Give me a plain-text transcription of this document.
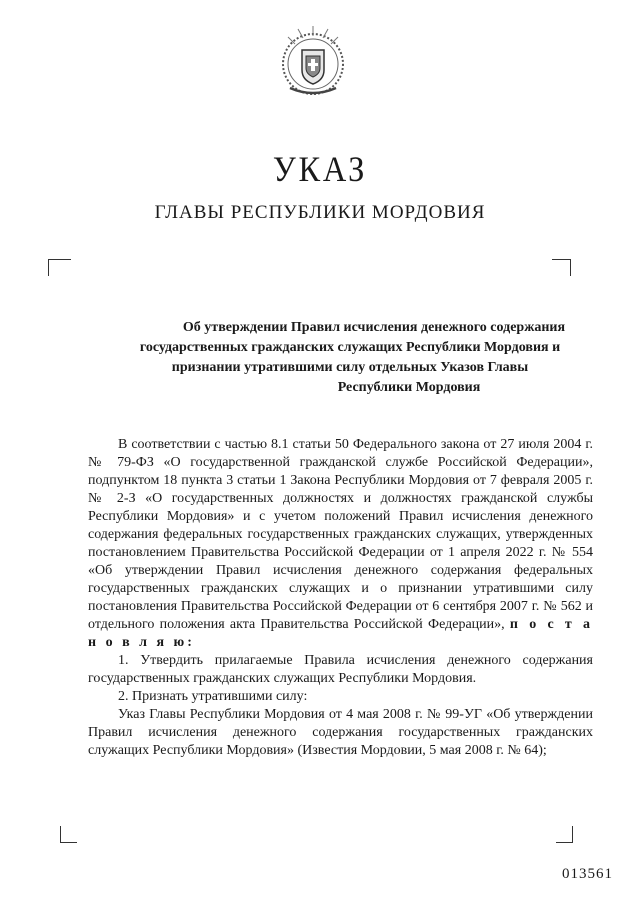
УКАЗ
ГЛАВЫ РЕСПУБЛИКИ МОРДОВИЯ
Об утверждении Правил исчисления денежного содержания
государственных гражданских служащих Республики Мордовия и
признании утратившими силу отдельных Указов Главы
Республики Мордовия

В соответствии с частью 8.1 статьи 50 Федерального закона от 27 июля 2004 г. № 79-ФЗ «О государственной гражданской службе Российской Федерации», подпунктом 18 пункта 3 статьи 1 Закона Республики Мордовия от 7 февраля 2005 г. № 2-З «О государственных должностях и должностях гражданской службы Республики Мордовия» и с учетом положений Правил исчисления денежного содержания федеральных государственных гражданских служащих, утвержденных постановлением Правительства Российской Федерации от 1 апреля 2022 г. № 554 «Об утверждении Правил исчисления денежного содержания федеральных государственных гражданских служащих и о признании утратившими силу постановления Правительства Российской Федерации от 6 сентября 2007 г. № 562 и отдельного положения акта Правительства Российской Федерации», п о с т а н о в л я ю:

1. Утвердить прилагаемые Правила исчисления денежного содержания государственных гражданских служащих Республики Мордовия.

2. Признать утратившими силу:

Указ Главы Республики Мордовия от 4 мая 2008 г. № 99-УГ «Об утверждении Правил исчисления денежного содержания государственных гражданских служащих Республики Мордовия» (Известия Мордовии, 5 мая 2008 г. № 64);

013561
